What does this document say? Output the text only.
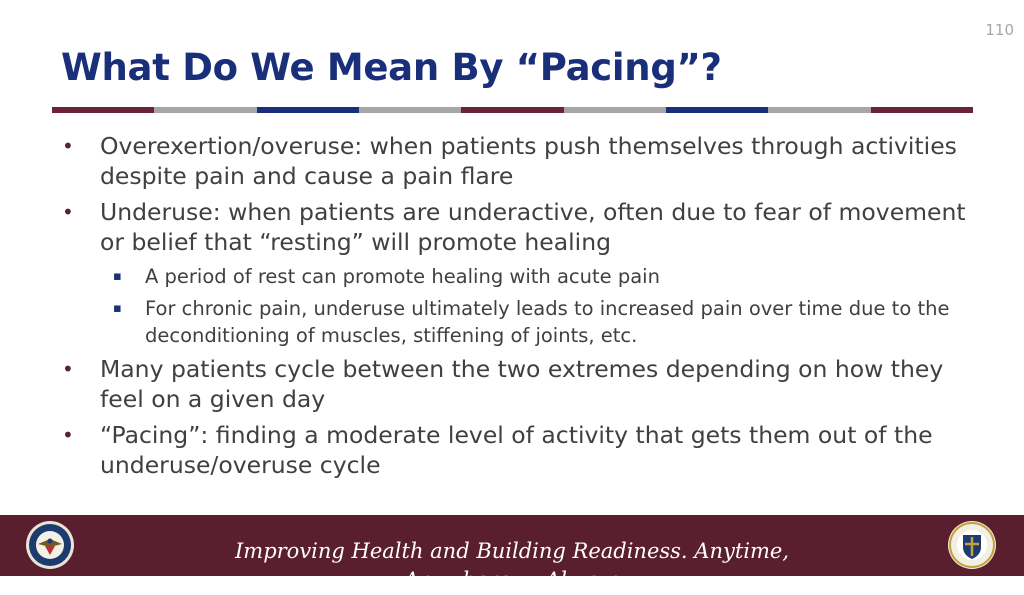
110
What Do We Mean By “Pacing”?
• Overexertion/overuse: when patients push themselves through activities despite pain and cause a pain flare
• Underuse: when patients are underactive, often due to fear of movement or belief that “resting” will promote healing
▪ A period of rest can promote healing with acute pain
▪ For chronic pain, underuse ultimately leads to increased pain over time due to the deconditioning of muscles, stiffening of joints, etc.
• Many patients cycle between the two extremes depending on how they feel on a given day
• “Pacing”: finding a moderate level of activity that gets them out of the underuse/overuse cycle
Improving Health and Building Readiness. Anytime, Anywhere — Always
